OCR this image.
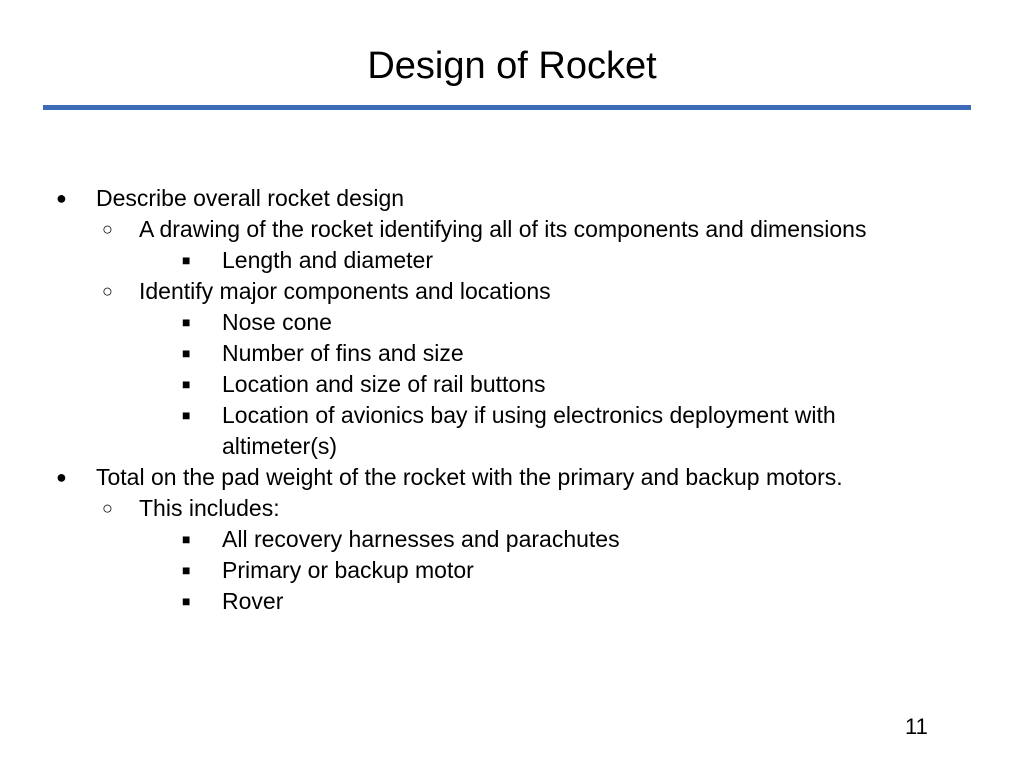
Design of Rocket
● Describe overall rocket design
○ A drawing of the rocket identifying all of its components and dimensions
■ Length and diameter
○ Identify major components and locations
■ Nose cone
■ Number of fins and size
■ Location and size of rail buttons
■ Location of avionics bay if using electronics deployment with
altimeter(s)
● Total on the pad weight of the rocket with the primary and backup motors.
○ This includes:
■ All recovery harnesses and parachutes
■ Primary or backup motor
■ Rover
11
